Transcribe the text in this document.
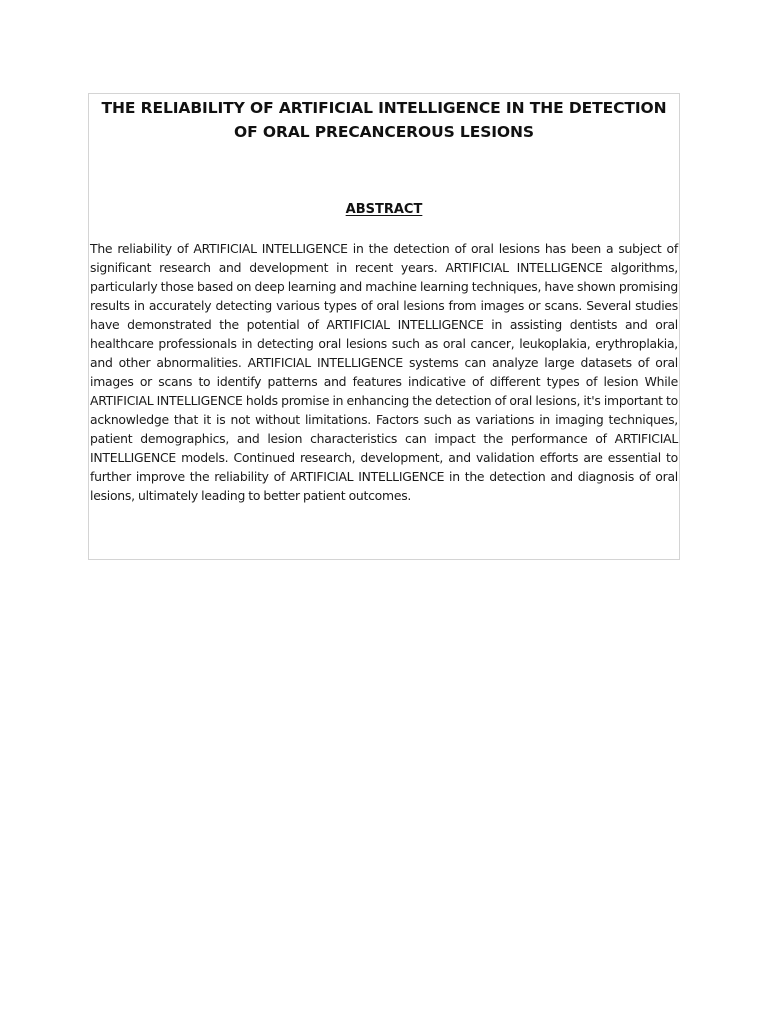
THE RELIABILITY OF ARTIFICIAL INTELLIGENCE IN THE DETECTION OF ORAL PRECANCEROUS LESIONS
ABSTRACT

The reliability of ARTIFICIAL INTELLIGENCE in the detection of oral lesions has been a subject of significant research and development in recent years. ARTIFICIAL INTELLIGENCE algorithms, particularly those based on deep learning and machine learning techniques, have shown promising results in accurately detecting various types of oral lesions from images or scans. Several studies have demonstrated the potential of ARTIFICIAL INTELLIGENCE in assisting dentists and oral healthcare professionals in detecting oral lesions such as oral cancer, leukoplakia, erythroplakia, and other abnormalities. ARTIFICIAL INTELLIGENCE systems can analyze large datasets of oral images or scans to identify patterns and features indicative of different types of lesion While ARTIFICIAL INTELLIGENCE holds promise in enhancing the detection of oral lesions, it's important to acknowledge that it is not without limitations. Factors such as variations in imaging techniques, patient demographics, and lesion characteristics can impact the performance of ARTIFICIAL INTELLIGENCE models. Continued research, development, and validation efforts are essential to further improve the reliability of ARTIFICIAL INTELLIGENCE in the detection and diagnosis of oral lesions, ultimately leading to better patient outcomes.
